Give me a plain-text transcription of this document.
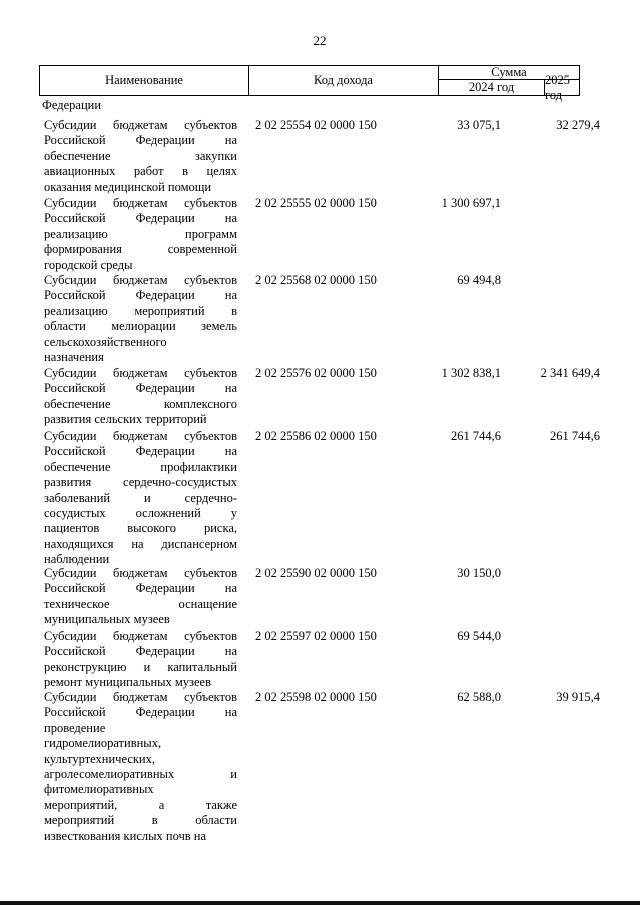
22
Наименование	Код дохода
Сумма
2024 год
2025 год
Федерации
Субсидии бюджетам субъектов
Российской Федерации на
обеспечение закупки
авиационных работ в целях
оказания медицинской помощи
2 02 25554 02 0000 150	33 075,1	32 279,4
Субсидии бюджетам субъектов
Российской Федерации на
реализацию программ
формирования современной
городской среды
2 02 25555 02 0000 150	1 300 697,1
Субсидии бюджетам субъектов
Российской Федерации на
реализацию мероприятий в
области мелиорации земель
сельскохозяйственного
назначения
2 02 25568 02 0000 150	69 494,8
Субсидии бюджетам субъектов
Российской Федерации на
обеспечение комплексного
развития сельских территорий
2 02 25576 02 0000 150	1 302 838,1	2 341 649,4
Субсидии бюджетам субъектов
Российской Федерации на
обеспечение профилактики
развития сердечно-сосудистых
заболеваний и сердечно-
сосудистых осложнений у
пациентов высокого риска,
находящихся на диспансерном
наблюдении
2 02 25586 02 0000 150	261 744,6	261 744,6
Субсидии бюджетам субъектов
Российской Федерации на
техническое оснащение
муниципальных музеев
2 02 25590 02 0000 150	30 150,0
Субсидии бюджетам субъектов
Российской Федерации на
реконструкцию и капитальный
ремонт муниципальных музеев
2 02 25597 02 0000 150	69 544,0
Субсидии бюджетам субъектов
Российской Федерации на
проведение
гидромелиоративных,
культуртехнических,
агролесомелиоративных и
фитомелиоративных
мероприятий, а также
мероприятий в области
известкования кислых почв на
2 02 25598 02 0000 150	62 588,0	39 915,4
